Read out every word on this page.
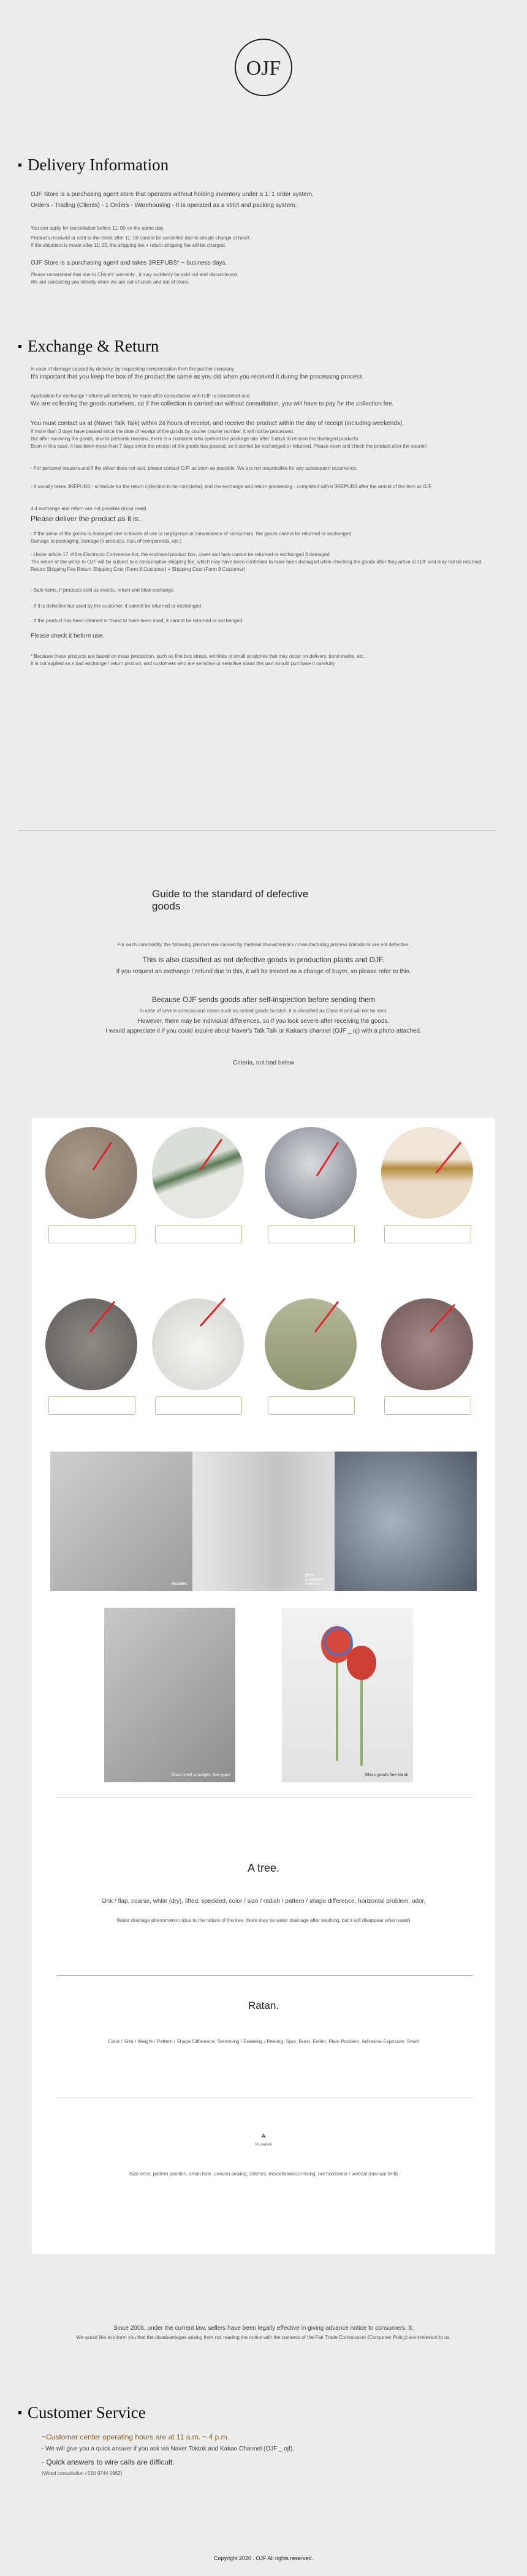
OJF
Delivery Information
OJF Store is a purchasing agent store that operates without holding inventory under a 1: 1 order system.
Orders - Trading (Clients) - 1 Orders - Warehousing - It is operated as a strict and packing system.
You can apply for cancellation before 11: 00 on the same day.
Products received or sent to the client after 11: 00 cannot be cancelled due to simple change of heart.
If the shipment is made after 11: 00, the shipping fee + return shipping fee will be charged.
OJF Store is a purchasing agent and takes 3REPUBS* ~ business days.
Please understand that due to China's' warranty , it may suddenly be sold out and discontinued.
We are contacting you directly when we are out of stock and out of stock.
Exchange & Return
In case of damage caused by delivery, by requesting compensation from the partner company
It's important that you keep the box of the product the same as you did when you received it during the processing process.
Application for exchange / refund will definitely be made after consultation with OJF is completed and
We are collecting the goods ourselves, so if the collection is carried out without consultation, you will have to pay for the collection fee.
You must contact us at (Naver Talk Talk) within 24 hours of receipt, and receive the product within the day of receipt (including weekends).
If more than 3 days have passed since the date of receipt of the goods by courier courier number, it will not be processed.
But after receiving the goods, due to personal reasons, there is a customer who opened the package late after 3 days to receive the damaged products.
Even in this case, it has been more than 7 days since the receipt of the goods has passed, so it cannot be exchanged or returned. Please open and check the product after the courier!
- For personal reasons and if the driver does not visit, please contact OJF as soon as possible. We are not responsible for any subsequent occurrence.
- It usually takes 3REPUBS - schedule for the return collection to be completed, and the exchange and return processing - completed within 3REPUBS after the arrival of the item at OJF.
4.4 exchange and return are not possible (must read)
Please deliver the product as it is..
- If the value of the goods is damaged due to traces of use or negligence or convenience of consumers, the goods cannot be returned or exchanged
Damage to packaging, damage to products, loss of components, etc.)
- Under article 17 of the Electronic Commerce Act, the enclosed product box, cover and tack cannot be returned or exchanged if damaged
The return of the writer to OJF will be subject to a consumptive shipping fee, which may have been confirmed to have been damaged while checking the goods after they arrive at OJF and may not be returned.
Return Shipping Fee Return Shipping Cost (Form 8 Customer) + Shipping Cost (Form 8 Customer)
- Sale items, if products sold as events, return and blow exchange
- If it is defective but used by the customer, it cannot be returned or exchanged
- If the product has been cleaned or found to have been used, it cannot be returned or exchanged
Please check it before use.
* Because these products are based on mass production, such as fine box stress, wrinkles or small scratches that may occur on delivery, bond marks, etc.
It is not applied as a bad exchange / return product, and customers who are sensitive or sensitive about this part should purchase it carefully.
Guide to the standard of defective goods
For each commodity, the following phenomena caused by material characteristics / manufacturing process limitations are not defective.
This is also classified as not defective goods in production plants and OJF.
If you request an exchange / refund due to this, it will be treated as a change of buyer, so please refer to this.
Because OJF sends goods after self-inspection before sending them
In case of severe conspicuous cases such as sealed goods Scratch, it is classified as Class B and will not be sent.
However, there may be individual differences, so if you look severe after receiving the goods.
I would appreciate it if you could inquire about Naver's Talk Talk or Kakao's channel (OJF _ oj) with a photo attached.
Criteria, not bad below
Bubbles
Bitter customer benefits
Glass shell smudges, fine gaps	Glass goods fine blank
A tree.
Onk / flap, coarse, white (dry), lifted, speckled, color / size / radish / pattern / shape difference, horizontal problem, odor,
Water drainage phenomenon (due to the nature of the tree, there may be water drainage after washing, but it will disappear when used)
Ratan.
Color / Size / Weight / Pattern / Shape Difference, Stemming / Breaking / Peeling, Spot, Burst, Follim, Plain Problem, Adhesive Exposure, Smell
A
Housepink
Size error, pattern position, small hole, uneven sewing, stitches, miscellaneous mixing, not horizontal / vertical (manual limit)
Since 2006, under the current law, sellers have been legally effective in giving advance notice to consumers. It.
We would like to inform you that the disadvantages arising from not reading the notice with the contents of the Fair Trade Commission (Consumer Policy) are irrelevant to us.
Customer Service
~Customer center operating hours are at 11 a.m. ~ 4 p.m.
- We will give you a quick answer if you ask via Naver Toktok and Kakao Channel (OJF _ ojf).
- Quick answers to wire calls are difficult.
(Wired consultation / 010 9744 0962)
Copyright 2020 . OJF All rights reserved.
